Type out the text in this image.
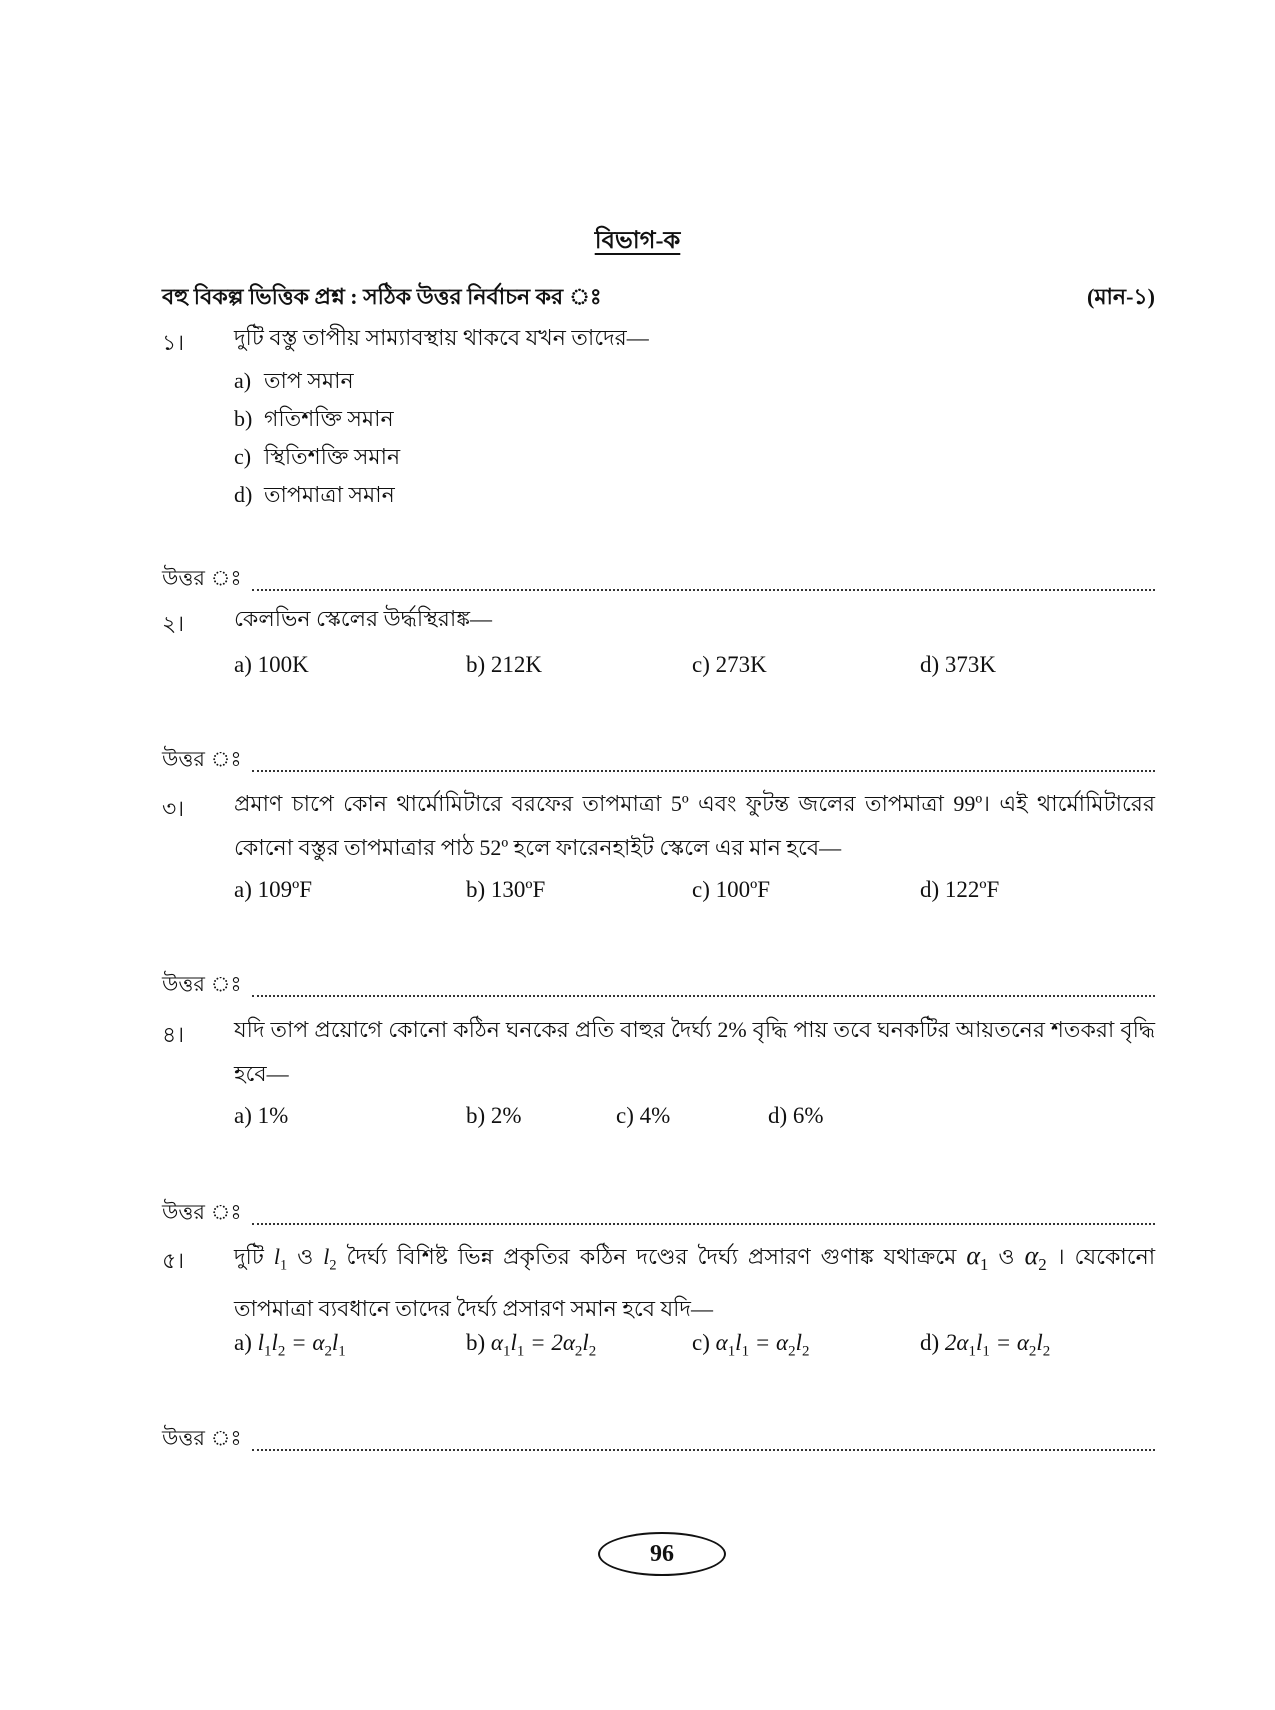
বিভাগ-ক
বহু বিকল্প ভিত্তিক প্রশ্ন : সঠিক উত্তর নির্বাচন কর ঃ	(মান-১)
১। দুটি বস্তু তাপীয় সাম্যাবস্থায় থাকবে যখন তাদের—
a) তাপ সমান
b) গতিশক্তি সমান
c) স্থিতিশক্তি সমান
d) তাপমাত্রা সমান
উত্তর ঃ
২। কেলভিন স্কেলের উর্দ্ধস্থিরাঙ্ক—
a) 100K	b) 212K	c) 273K	d) 373K
উত্তর ঃ
৩। প্রমাণ চাপে কোন থার্মোমিটারে বরফের তাপমাত্রা 5º এবং ফুটন্ত জলের তাপমাত্রা 99º। এই থার্মোমিটারের কোনো বস্তুর তাপমাত্রার পাঠ 52º হলে ফারেনহাইট স্কেলে এর মান হবে—
a) 109ºF	b) 130ºF	c) 100ºF	d) 122ºF
উত্তর ঃ
৪। যদি তাপ প্রয়োগে কোনো কঠিন ঘনকের প্রতি বাহুর দৈর্ঘ্য 2% বৃদ্ধি পায় তবে ঘনকটির আয়তনের শতকরা বৃদ্ধি হবে—
a) 1%	b) 2%	c) 4%	d) 6%
উত্তর ঃ
৫। দুটি $l_1$ ও $l_2$ দৈর্ঘ্য বিশিষ্ট ভিন্ন প্রকৃতির কঠিন দণ্ডের দৈর্ঘ্য প্রসারণ গুণাঙ্ক যথাক্রমে $\alpha_1$ ও $\alpha_2$ । যেকোনো তাপমাত্রা ব্যবধানে তাদের দৈর্ঘ্য প্রসারণ সমান হবে যদি—
a) $l_1l_2 = \alpha_2l_1$	b) $\alpha_1l_1 = 2\alpha_2l_2$	c) $\alpha_1l_1 = \alpha_2l_2$	d) $2\alpha_1l_1 = \alpha_2l_2$
উত্তর ঃ
96
